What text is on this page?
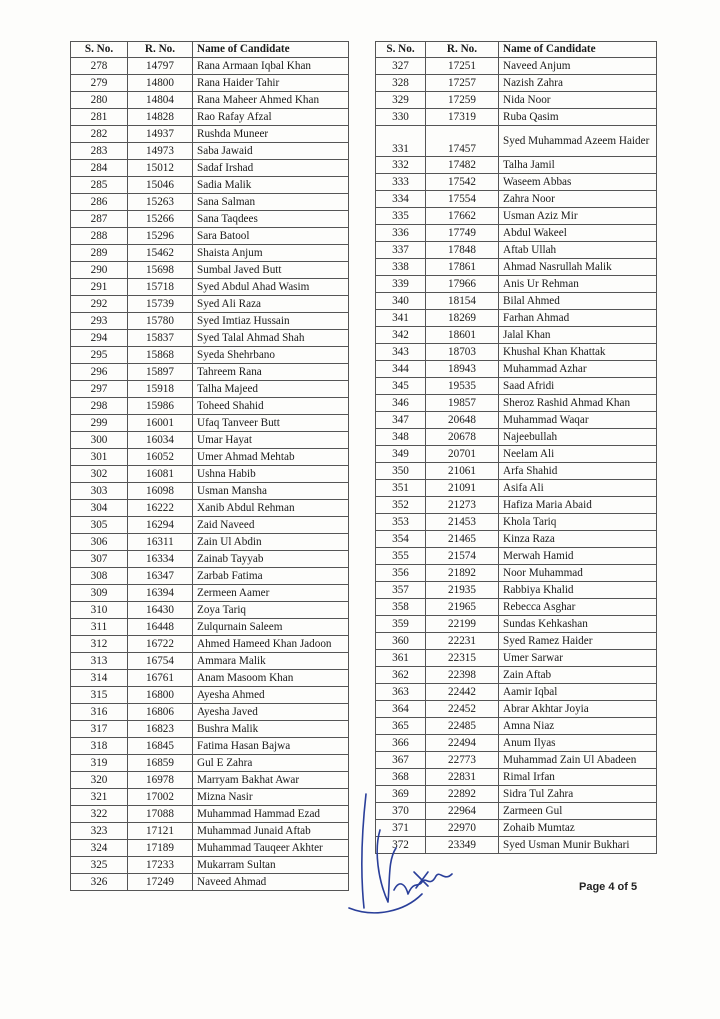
S. No.	R. No.	Name of Candidate
278	14797	Rana Armaan Iqbal Khan
279	14800	Rana Haider Tahir
280	14804	Rana Maheer Ahmed Khan
281	14828	Rao Rafay Afzal
282	14937	Rushda Muneer
283	14973	Saba Jawaid
284	15012	Sadaf Irshad
285	15046	Sadia Malik
286	15263	Sana Salman
287	15266	Sana Taqdees
288	15296	Sara Batool
289	15462	Shaista Anjum
290	15698	Sumbal Javed Butt
291	15718	Syed Abdul Ahad Wasim
292	15739	Syed Ali Raza
293	15780	Syed Imtiaz Hussain
294	15837	Syed Talal Ahmad Shah
295	15868	Syeda Shehrbano
296	15897	Tahreem Rana
297	15918	Talha Majeed
298	15986	Toheed Shahid
299	16001	Ufaq Tanveer Butt
300	16034	Umar Hayat
301	16052	Umer Ahmad Mehtab
302	16081	Ushna Habib
303	16098	Usman Mansha
304	16222	Xanib Abdul Rehman
305	16294	Zaid Naveed
306	16311	Zain Ul Abdin
307	16334	Zainab Tayyab
308	16347	Zarbab Fatima
309	16394	Zermeen Aamer
310	16430	Zoya Tariq
311	16448	Zulqurnain Saleem
312	16722	Ahmed Hameed Khan Jadoon
313	16754	Ammara Malik
314	16761	Anam Masoom Khan
315	16800	Ayesha Ahmed
316	16806	Ayesha Javed
317	16823	Bushra Malik
318	16845	Fatima Hasan Bajwa
319	16859	Gul E Zahra
320	16978	Marryam Bakhat Awar
321	17002	Mizna Nasir
322	17088	Muhammad Hammad Ezad
323	17121	Muhammad Junaid Aftab
324	17189	Muhammad Tauqeer Akhter
325	17233	Mukarram Sultan
326	17249	Naveed Ahmad
S. No.	R. No.	Name of Candidate
327	17251	Naveed Anjum
328	17257	Nazish Zahra
329	17259	Nida Noor
330	17319	Ruba Qasim
331	17457	Syed Muhammad Azeem Haider
332	17482	Talha Jamil
333	17542	Waseem Abbas
334	17554	Zahra Noor
335	17662	Usman Aziz Mir
336	17749	Abdul Wakeel
337	17848	Aftab Ullah
338	17861	Ahmad Nasrullah Malik
339	17966	Anis Ur Rehman
340	18154	Bilal Ahmed
341	18269	Farhan Ahmad
342	18601	Jalal Khan
343	18703	Khushal Khan Khattak
344	18943	Muhammad Azhar
345	19535	Saad Afridi
346	19857	Sheroz Rashid Ahmad Khan
347	20648	Muhammad Waqar
348	20678	Najeebullah
349	20701	Neelam Ali
350	21061	Arfa Shahid
351	21091	Asifa Ali
352	21273	Hafiza Maria Abaid
353	21453	Khola Tariq
354	21465	Kinza Raza
355	21574	Merwah Hamid
356	21892	Noor Muhammad
357	21935	Rabbiya Khalid
358	21965	Rebecca Asghar
359	22199	Sundas Kehkashan
360	22231	Syed Ramez Haider
361	22315	Umer Sarwar
362	22398	Zain Aftab
363	22442	Aamir Iqbal
364	22452	Abrar Akhtar Joyia
365	22485	Amna Niaz
366	22494	Anum Ilyas
367	22773	Muhammad Zain Ul Abadeen
368	22831	Rimal Irfan
369	22892	Sidra Tul Zahra
370	22964	Zarmeen Gul
371	22970	Zohaib Mumtaz
372	23349	Syed Usman Munir Bukhari
Page 4 of 5
